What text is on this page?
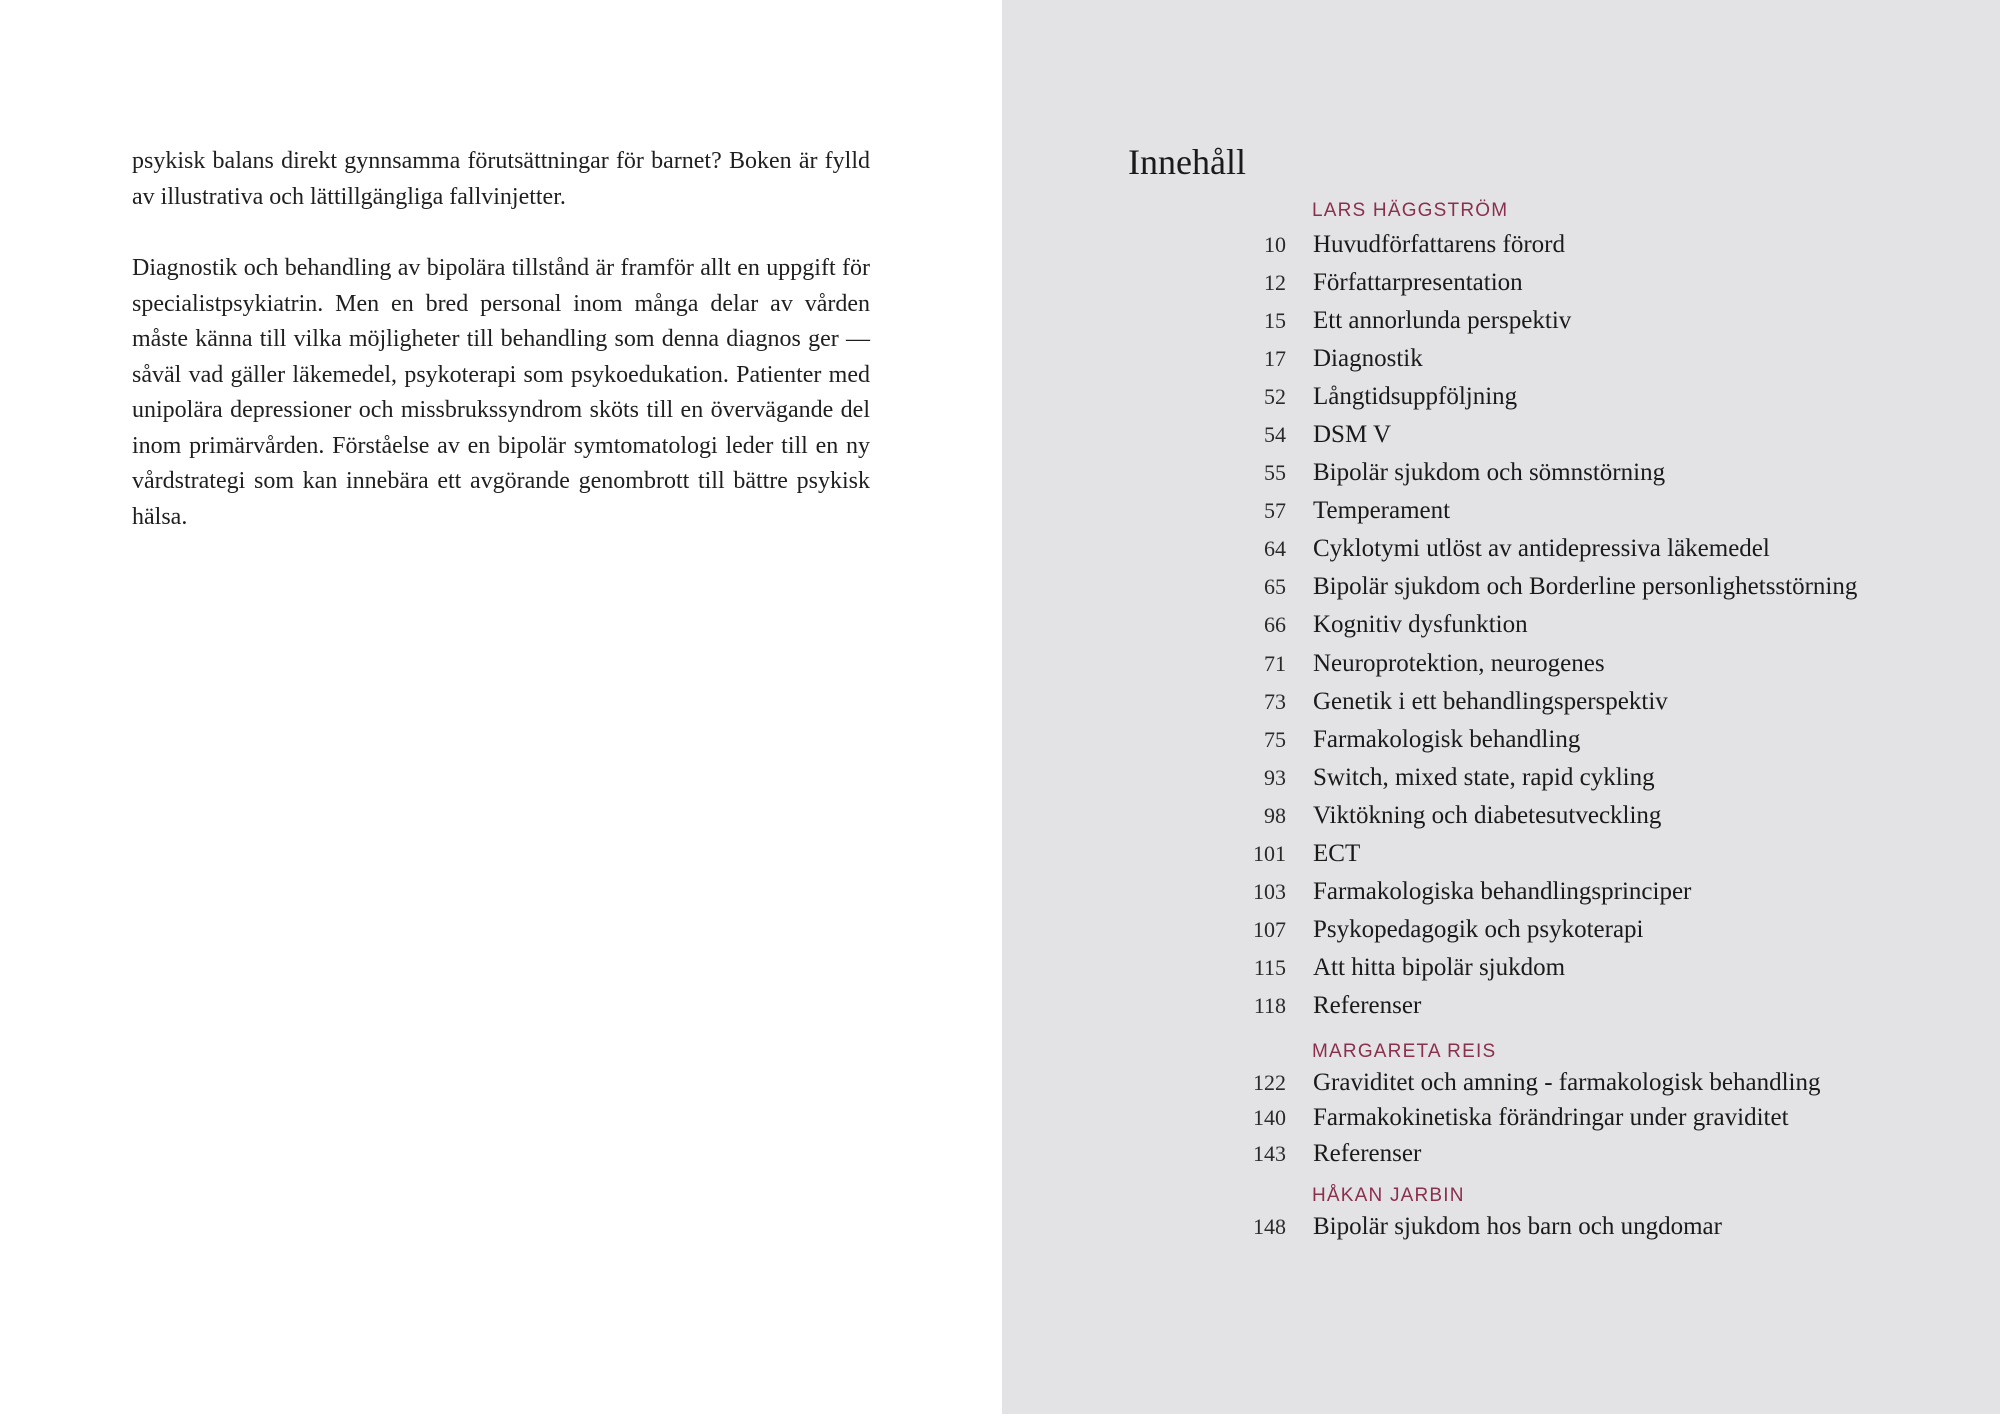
psykisk balans direkt gynnsamma förutsättningar för barnet? Boken är fylld av illustrativa och lättillgängliga fallvinjetter.

Diagnostik och behandling av bipolära tillstånd är framför allt en uppgift för specialistpsykiatrin. Men en bred personal inom många delar av vården måste känna till vilka möjligheter till behandling som denna diagnos ger — såväl vad gäller läkemedel, psykoterapi som psykoedukation. Patienter med unipolära depressioner och missbrukssyndrom sköts till en övervägande del inom primärvården. Förståelse av en bipolär symtomatologi leder till en ny vårdstrategi som kan innebära ett avgörande genombrott till bättre psykisk hälsa.

Innehåll
LARS HÄGGSTRÖM
10 Huvudförfattarens förord
12 Författarpresentation
15 Ett annorlunda perspektiv
17 Diagnostik
52 Långtidsuppföljning
54 DSM V
55 Bipolär sjukdom och sömnstörning
57 Temperament
64 Cyklotymi utlöst av antidepressiva läkemedel
65 Bipolär sjukdom och Borderline personlighetsstörning
66 Kognitiv dysfunktion
71 Neuroprotektion, neurogenes
73 Genetik i ett behandlingsperspektiv
75 Farmakologisk behandling
93 Switch, mixed state, rapid cykling
98 Viktökning och diabetesutveckling
101 ECT
103 Farmakologiska behandlingsprinciper
107 Psykopedagogik och psykoterapi
115 Att hitta bipolär sjukdom
118 Referenser
MARGARETA REIS
122 Graviditet och amning - farmakologisk behandling
140 Farmakokinetiska förändringar under graviditet
143 Referenser
HÅKAN JARBIN
148 Bipolär sjukdom hos barn och ungdomar
